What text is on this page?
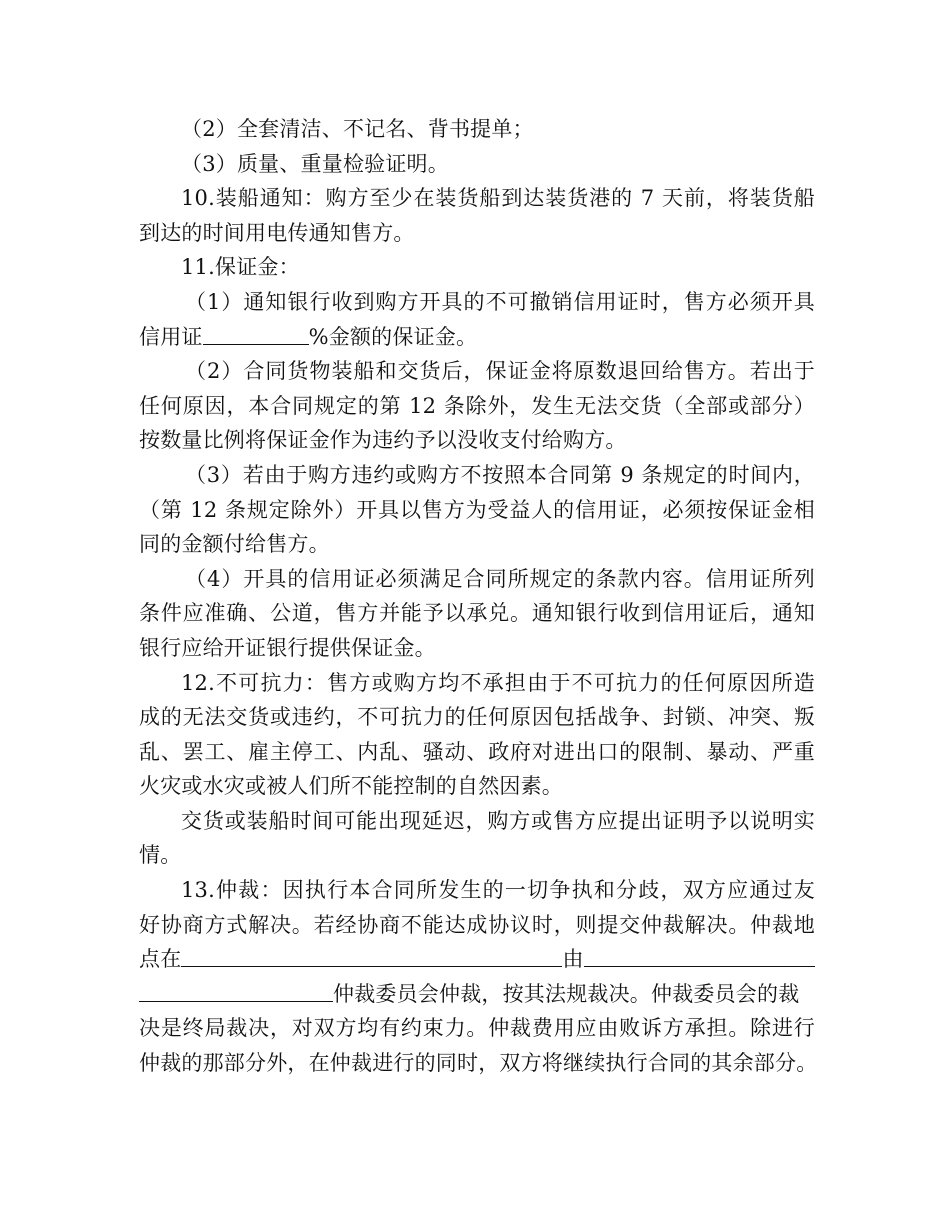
（2）全套清洁、不记名、背书提单；
（3）质量、重量检验证明。
10.装船通知：购方至少在装货船到达装货港的 7 天前，将装货船
到达的时间用电传通知售方。
11.保证金：
（1）通知银行收到购方开具的不可撤销信用证时，售方必须开具
信用证	%金额的保证金。
（2）合同货物装船和交货后，保证金将原数退回给售方。若出于
任何原因，本合同规定的第 12 条除外，发生无法交货（全部或部分）
按数量比例将保证金作为违约予以没收支付给购方。
（3）若由于购方违约或购方不按照本合同第 9 条规定的时间内，
（第 12 条规定除外）开具以售方为受益人的信用证，必须按保证金相
同的金额付给售方。
（4）开具的信用证必须满足合同所规定的条款内容。信用证所列
条件应准确、公道，售方并能予以承兑。通知银行收到信用证后，通知
银行应给开证银行提供保证金。
12.不可抗力：售方或购方均不承担由于不可抗力的任何原因所造
成的无法交货或违约，不可抗力的任何原因包括战争、封锁、冲突、叛
乱、罢工、雇主停工、内乱、骚动、政府对进出口的限制、暴动、严重
火灾或水灾或被人们所不能控制的自然因素。
交货或装船时间可能出现延迟，购方或售方应提出证明予以说明实
情。
13.仲裁：因执行本合同所发生的一切争执和分歧，双方应通过友
好协商方式解决。若经协商不能达成协议时，则提交仲裁解决。仲裁地
点在	由
仲裁委员会仲裁，按其法规裁决。仲裁委员会的裁
决是终局裁决，对双方均有约束力。仲裁费用应由败诉方承担。除进行
仲裁的那部分外，在仲裁进行的同时，双方将继续执行合同的其余部分。
